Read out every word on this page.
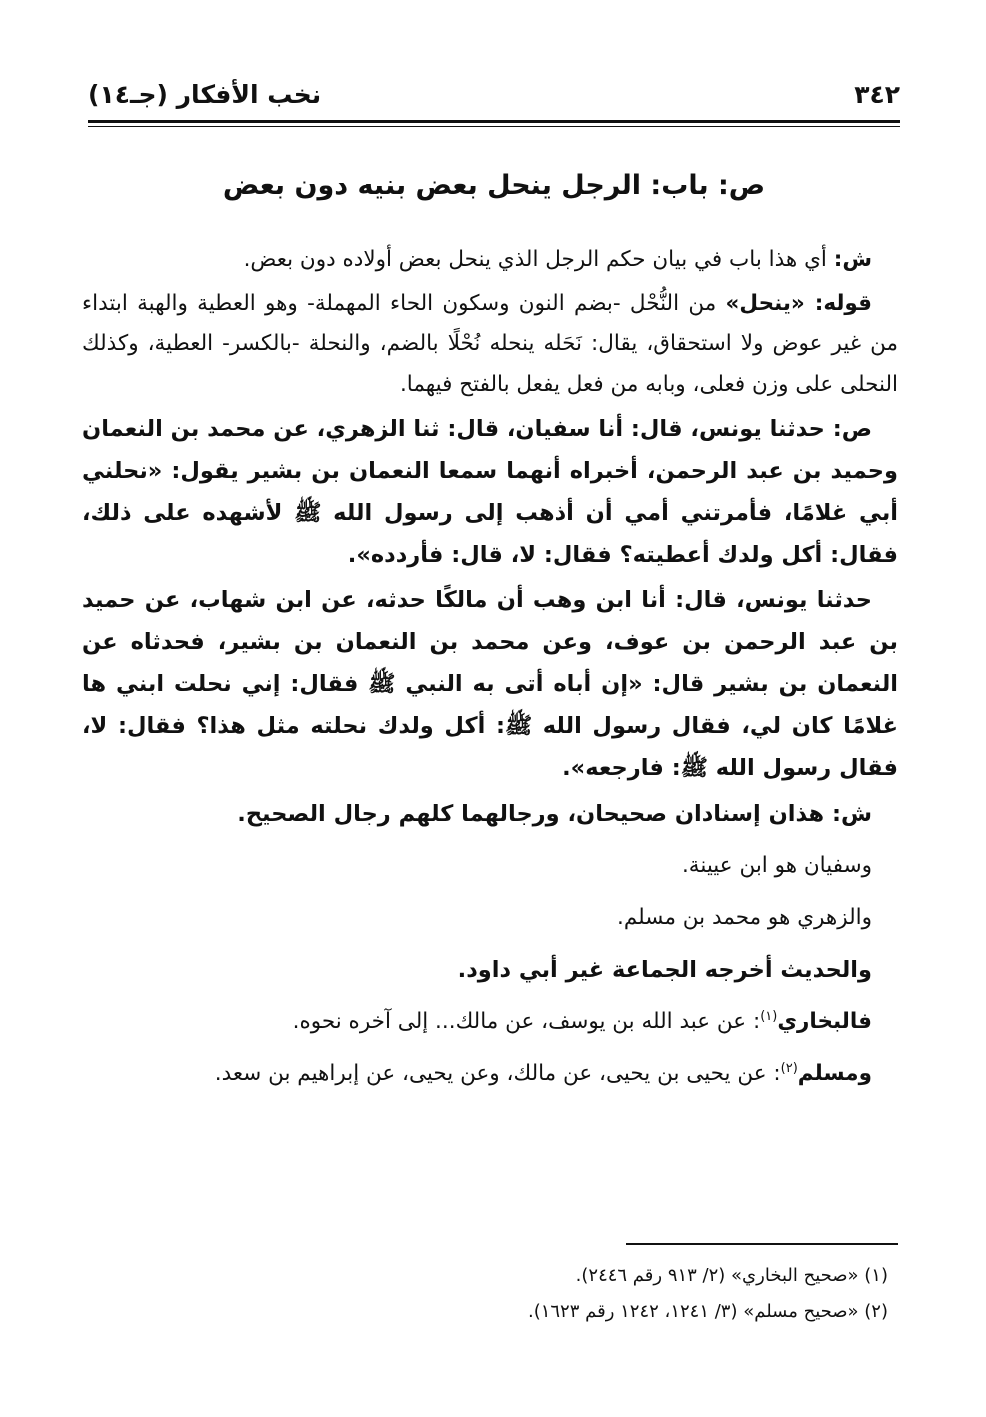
٣٤٢
نخب الأفكار (جـ١٤)
ص: باب: الرجل ينحل بعض بنيه دون بعض

ش: أي هذا باب في بيان حكم الرجل الذي ينحل بعض أولاده دون بعض.

قوله: «ينحل» من النُّحْل -بضم النون وسكون الحاء المهملة- وهو العطية والهبة ابتداء من غير عوض ولا استحقاق، يقال: نَحَله ينحله نُحْلًا بالضم، والنحلة -بالكسر- العطية، وكذلك النحلى على وزن فعلى، وبابه من فعل يفعل بالفتح فيهما.

ص: حدثنا يونس، قال: أنا سفيان، قال: ثنا الزهري، عن محمد بن النعمان وحميد بن عبد الرحمن، أخبراه أنهما سمعا النعمان بن بشير يقول: «نحلني أبي غلامًا، فأمرتني أمي أن أذهب إلى رسول الله ﷺ لأشهده على ذلك، فقال: أكل ولدك أعطيته؟ فقال: لا، قال: فأردده».

حدثنا يونس، قال: أنا ابن وهب أن مالكًا حدثه، عن ابن شهاب، عن حميد بن عبد الرحمن بن عوف، وعن محمد بن النعمان بن بشير، فحدثاه عن النعمان بن بشير قال: «إن أباه أتى به النبي ﷺ فقال: إني نحلت ابني ها غلامًا كان لي، فقال رسول الله ﷺ: أكل ولدك نحلته مثل هذا؟ فقال: لا، فقال رسول الله ﷺ: فارجعه».

ش: هذان إسنادان صحيحان، ورجالهما كلهم رجال الصحيح.

وسفيان هو ابن عيينة.

والزهري هو محمد بن مسلم.

والحديث أخرجه الجماعة غير أبي داود.

فالبخاري$^{(١)}$: عن عبد الله بن يوسف، عن مالك... إلى آخره نحوه.

ومسلم$^{(٢)}$: عن يحيى بن يحيى، عن مالك، وعن يحيى، عن إبراهيم بن سعد.

(١) «صحيح البخاري» (٢/ ٩١٣ رقم ٢٤٤٦).
(٢) «صحيح مسلم» (٣/ ١٢٤١، ١٢٤٢ رقم ١٦٢٣).
